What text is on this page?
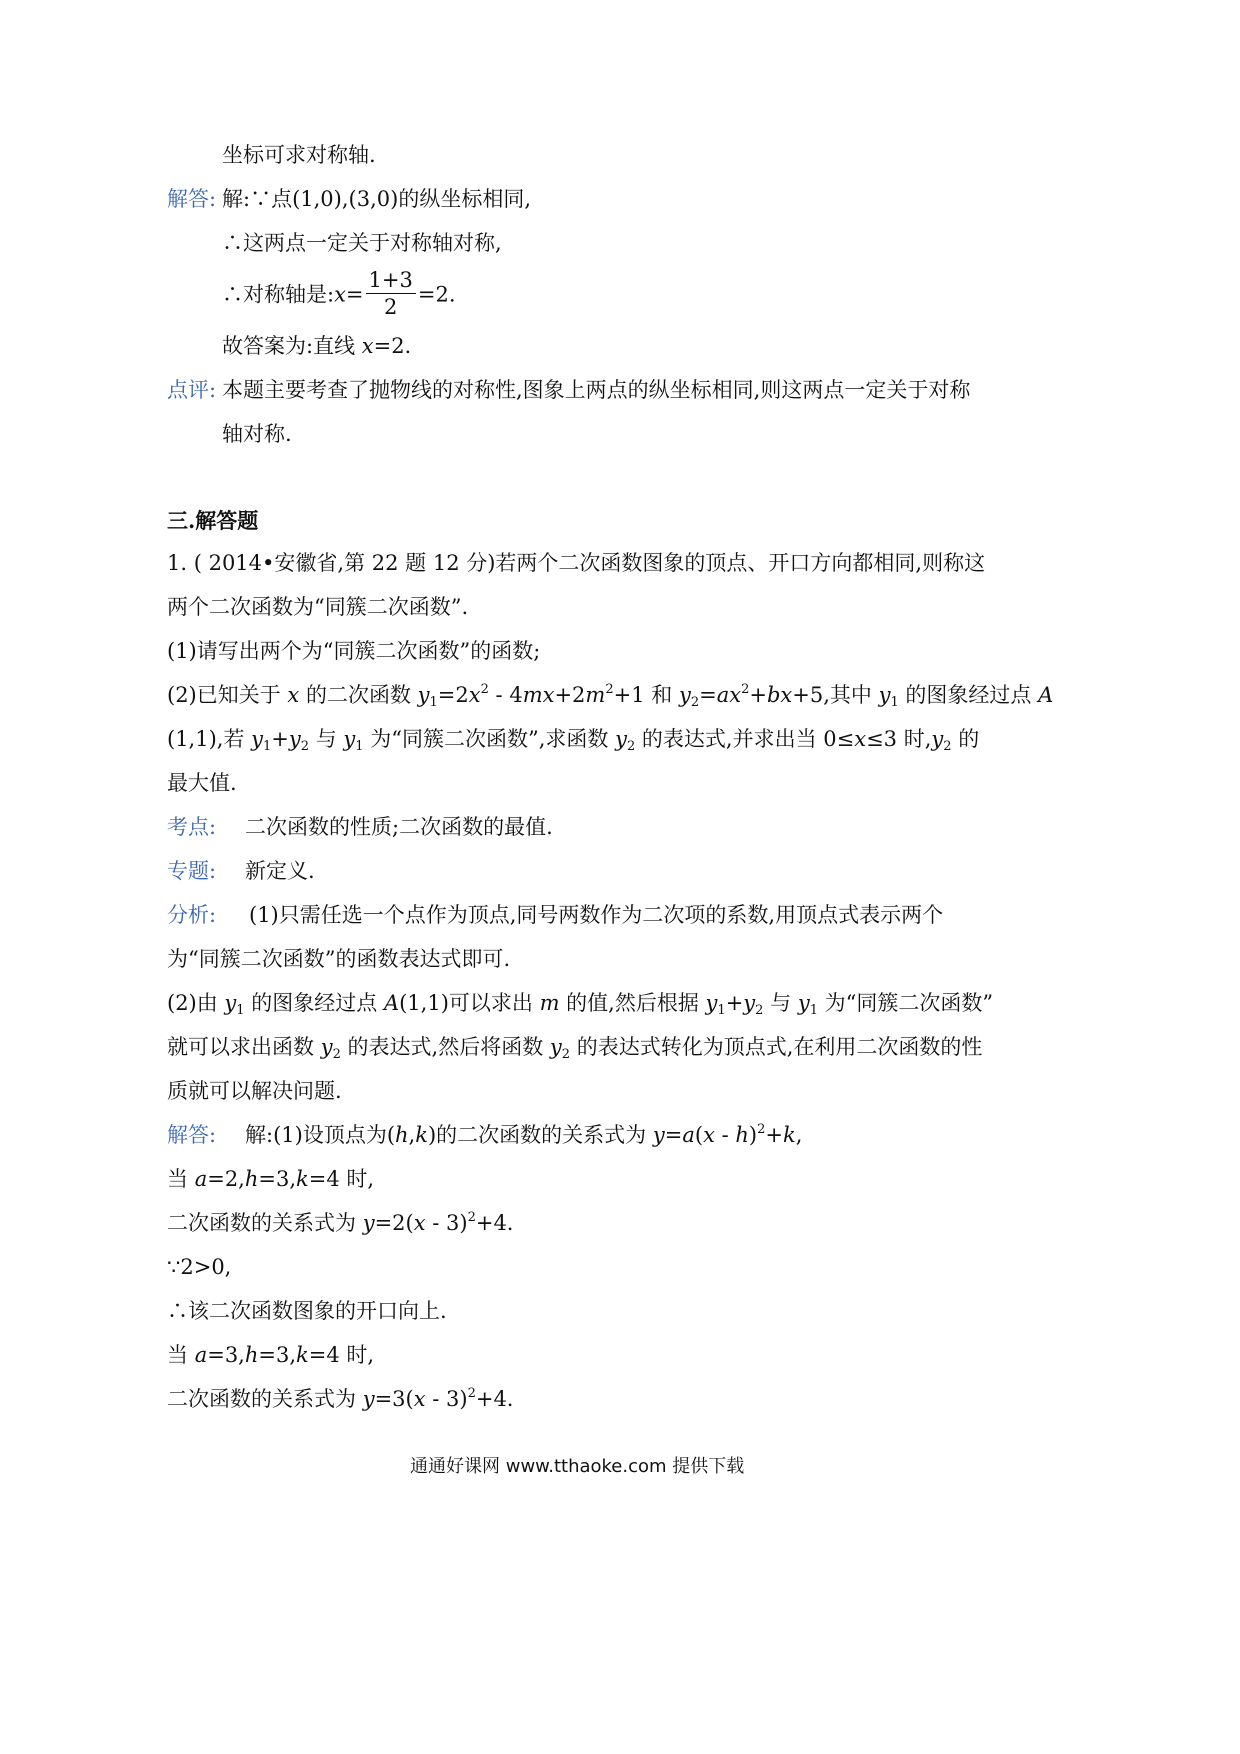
坐标可求对称轴.
解答: 解:∵点(1,0),(3,0)的纵坐标相同,
∴这两点一定关于对称轴对称,
∴对称轴是:x= $\frac{1+3}{2} =2$.
故答案为:直线 x=2.
点评: 本题主要考查了抛物线的对称性,图象上两点的纵坐标相同,则这两点一定关于对称
轴对称.
三.解答题
1. ( 2014•安徽省,第 22 题 12 分)若两个二次函数图象的顶点、开口方向都相同,则称这
两个二次函数为“同簇二次函数”.
(1)请写出两个为“同簇二次函数”的函数;
(2)已知关于 x 的二次函数 $y_1=2x^2 - 4mx+2m^2+1$ 和 $y_2=ax^2+bx+5$,其中 $y_1$ 的图象经过点 A
(1,1),若 $y_1+y_2$ 与 $y_1$ 为“同簇二次函数”,求函数 $y_2$ 的表达式,并求出当 0≤x≤3 时$,y_2$ 的
最大值.
考点: 二次函数的性质;二次函数的最值.
专题: 新定义.
分析: (1)只需任选一个点作为顶点,同号两数作为二次项的系数,用顶点式表示两个
为“同簇二次函数”的函数表达式即可.
(2)由 $y_1$ 的图象经过点 A(1,1)可以求出 m 的值,然后根据 $y_1+y_2$ 与 $y_1$ 为“同簇二次函数”
就可以求出函数 $y_2$ 的表达式,然后将函数 $y_2$ 的表达式转化为顶点式,在利用二次函数的性
质就可以解决问题.
解答: 解:(1)设顶点为(h,k)的二次函数的关系式为 y=a(x - h)$^2$+k,
当 a=2,h=3,k=4 时,
二次函数的关系式为 y=2(x - 3)$^2$+4.
∵2>0,
∴该二次函数图象的开口向上.
当 a=3,h=3,k=4 时,
二次函数的关系式为 y=3(x - 3)$^2$+4.
通通好课网 www.tthaoke.com 提供下载
